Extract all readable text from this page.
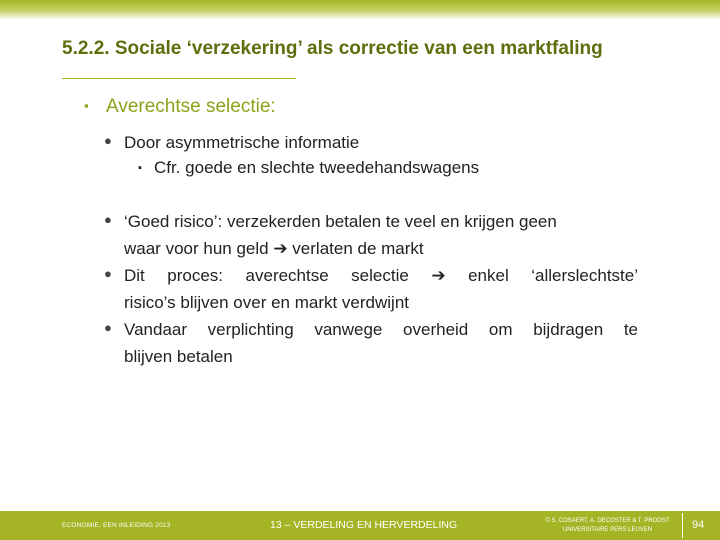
5.2.2. Sociale ‘verzekering’ als correctie van een marktfaling
▪ Averechtse selectie:
● Door asymmetrische informatie
▪ Cfr. goede en slechte tweedehandswagens
● ‘Goed risico’: verzekerden betalen te veel en krijgen geen
waar voor hun geld ➔ verlaten de markt
● Dit proces: averechtse selectie ➔ enkel ‘allerslechtste’
risico’s blijven over en markt verdwijnt
● Vandaar verplichting vanwege overheid om bijdragen te
blijven betalen
ECONOMIE, EEN INLEIDING 2013	13 – VERDELING EN HERVERDELING	© S. COSAERT, A. DECOSTER & T. PROOST
UNIVERSITAIRE PERS LEUVEN	94
